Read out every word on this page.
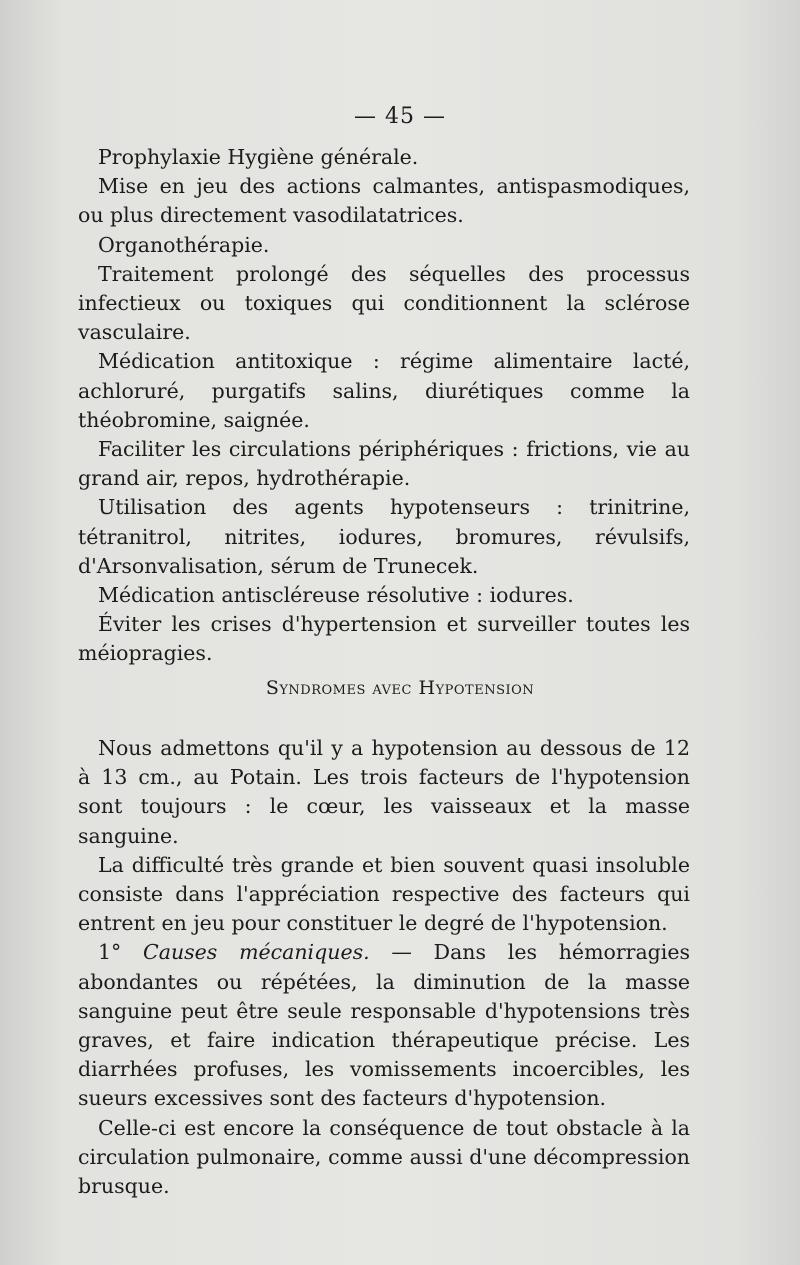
— 45 —

Prophylaxie Hygiène générale.

Mise en jeu des actions calmantes, antispasmodiques, ou plus directement vasodilatatrices.

Organothérapie.

Traitement prolongé des séquelles des processus infectieux ou toxiques qui conditionnent la sclérose vasculaire.

Médication antitoxique : régime alimentaire lacté, achloruré, purgatifs salins, diurétiques comme la théobromine, saignée.

Faciliter les circulations périphériques : frictions, vie au grand air, repos, hydrothérapie.

Utilisation des agents hypotenseurs : trinitrine, tétranitrol, nitrites, iodures, bromures, révulsifs, d'Arsonvalisation, sérum de Trunecek.

Médication antiscléreuse résolutive : iodures.

Éviter les crises d'hypertension et surveiller toutes les méiopragies.

Syndromes avec Hypotension

Nous admettons qu'il y a hypotension au dessous de 12 à 13 cm., au Potain. Les trois facteurs de l'hypotension sont toujours : le cœur, les vaisseaux et la masse sanguine.

La difficulté très grande et bien souvent quasi insoluble consiste dans l'appréciation respective des facteurs qui entrent en jeu pour constituer le degré de l'hypotension.

1° Causes mécaniques. — Dans les hémorragies abondantes ou répétées, la diminution de la masse sanguine peut être seule responsable d'hypotensions très graves, et faire indication thérapeutique précise. Les diarrhées profuses, les vomissements incoercibles, les sueurs excessives sont des facteurs d'hypotension.

Celle-ci est encore la conséquence de tout obstacle à la circulation pulmonaire, comme aussi d'une décompression brusque.
